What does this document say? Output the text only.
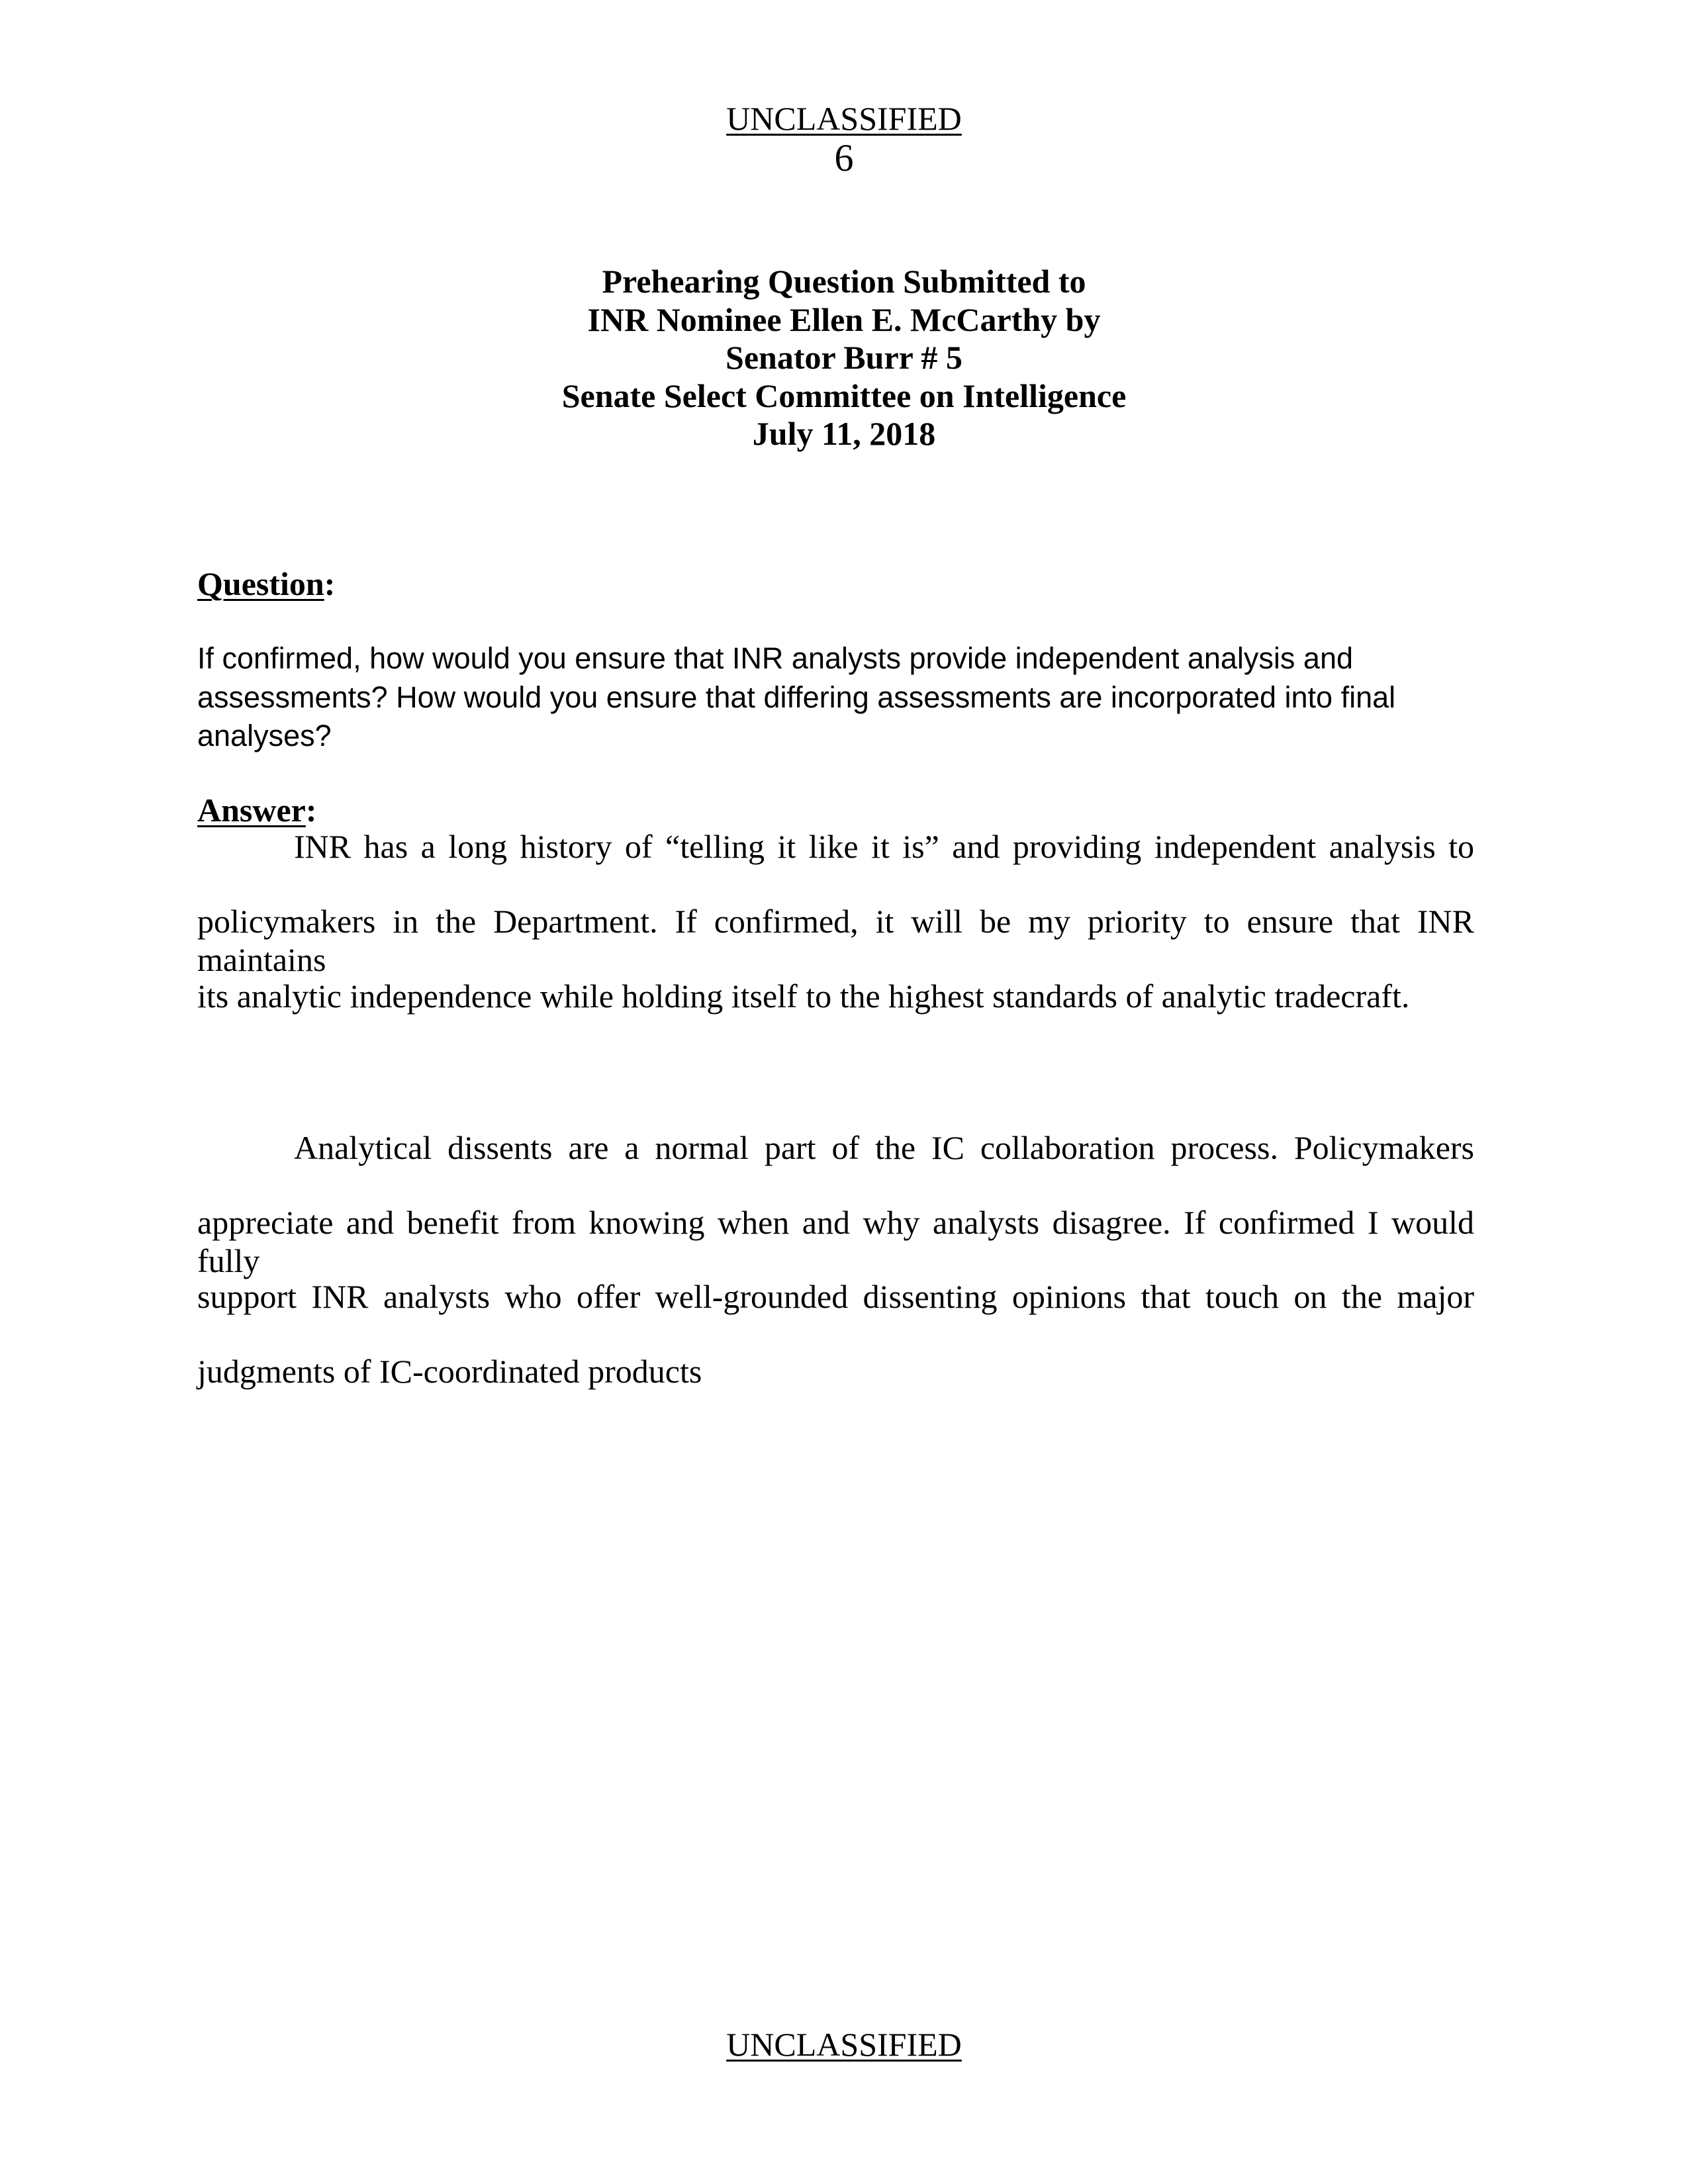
UNCLASSIFIED
6
Prehearing Question Submitted to
INR Nominee Ellen E. McCarthy by
Senator Burr # 5
Senate Select Committee on Intelligence
July 11, 2018
Question:
If confirmed, how would you ensure that INR analysts provide independent analysis and assessments? How would you ensure that differing assessments are incorporated into final analyses?
Answer:
INR has a long history of “telling it like it is” and providing independent analysis to
policymakers in the Department. If confirmed, it will be my priority to ensure that INR maintains
its analytic independence while holding itself to the highest standards of analytic tradecraft.
Analytical dissents are a normal part of the IC collaboration process. Policymakers
appreciate and benefit from knowing when and why analysts disagree. If confirmed I would fully
support INR analysts who offer well-grounded dissenting opinions that touch on the major
judgments of IC-coordinated products
UNCLASSIFIED
